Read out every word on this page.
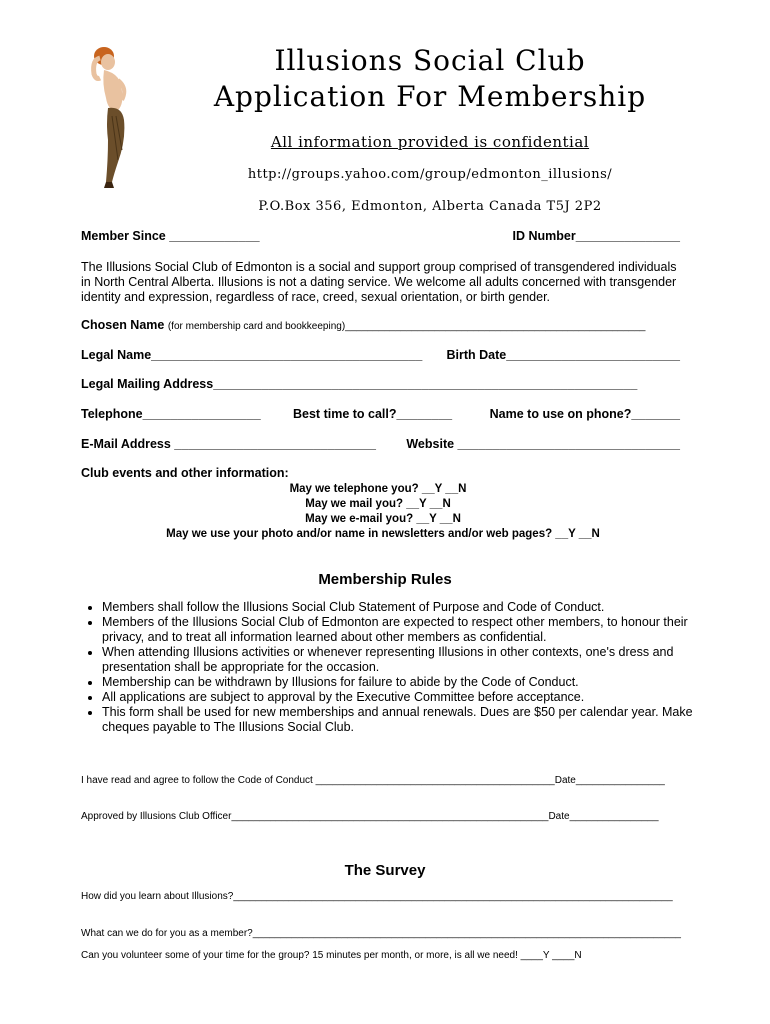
Illusions Social Club
Application For Membership
All information provided is confidential
http://groups.yahoo.com/group/edmonton_illusions/
P.O.Box 356, Edmonton, Alberta Canada T5J 2P2
Member Since _____________	ID Number_______________
The Illusions Social Club of Edmonton is a social and support group comprised of transgendered individuals in North Central Alberta. Illusions is not a dating service. We welcome all adults concerned with transgender identity and expression, regardless of race, creed, sexual orientation, or birth gender.
Chosen Name (for membership card and bookkeeping)______________________________________________________
Legal Name_______________________________________ Birth Date_________________________
Legal Mailing Address_____________________________________________________________
Telephone_________________	Best time to call?________	Name to use on phone?_______
E-Mail Address _____________________________ Website ________________________________
Club events and other information:
May we telephone you? __Y __N
May we mail you? __Y __N
May we e-mail you? __Y __N
May we use your photo and/or name in newsletters and/or web pages? __Y __N
Membership Rules
• Members shall follow the Illusions Social Club Statement of Purpose and Code of Conduct.
• Members of the Illusions Social Club of Edmonton are expected to respect other members, to honour their privacy, and to treat all information learned about other members as confidential.
• When attending Illusions activities or whenever representing Illusions in other contexts, one's dress and presentation shall be appropriate for the occasion.
• Membership can be withdrawn by Illusions for failure to abide by the Code of Conduct.
• All applications are subject to approval by the Executive Committee before acceptance.
• This form shall be used for new memberships and annual renewals. Dues are $50 per calendar year. Make cheques payable to The Illusions Social Club.
I have read and agree to follow the Code of Conduct ___________________________________________Date________________
Approved by Illusions Club Officer_________________________________________________________Date________________
The Survey
How did you learn about Illusions?_______________________________________________________________________________
What can we do for you as a member?_____________________________________________________________________________
Can you volunteer some of your time for the group? 15 minutes per month, or more, is all we need! ____Y ____N
